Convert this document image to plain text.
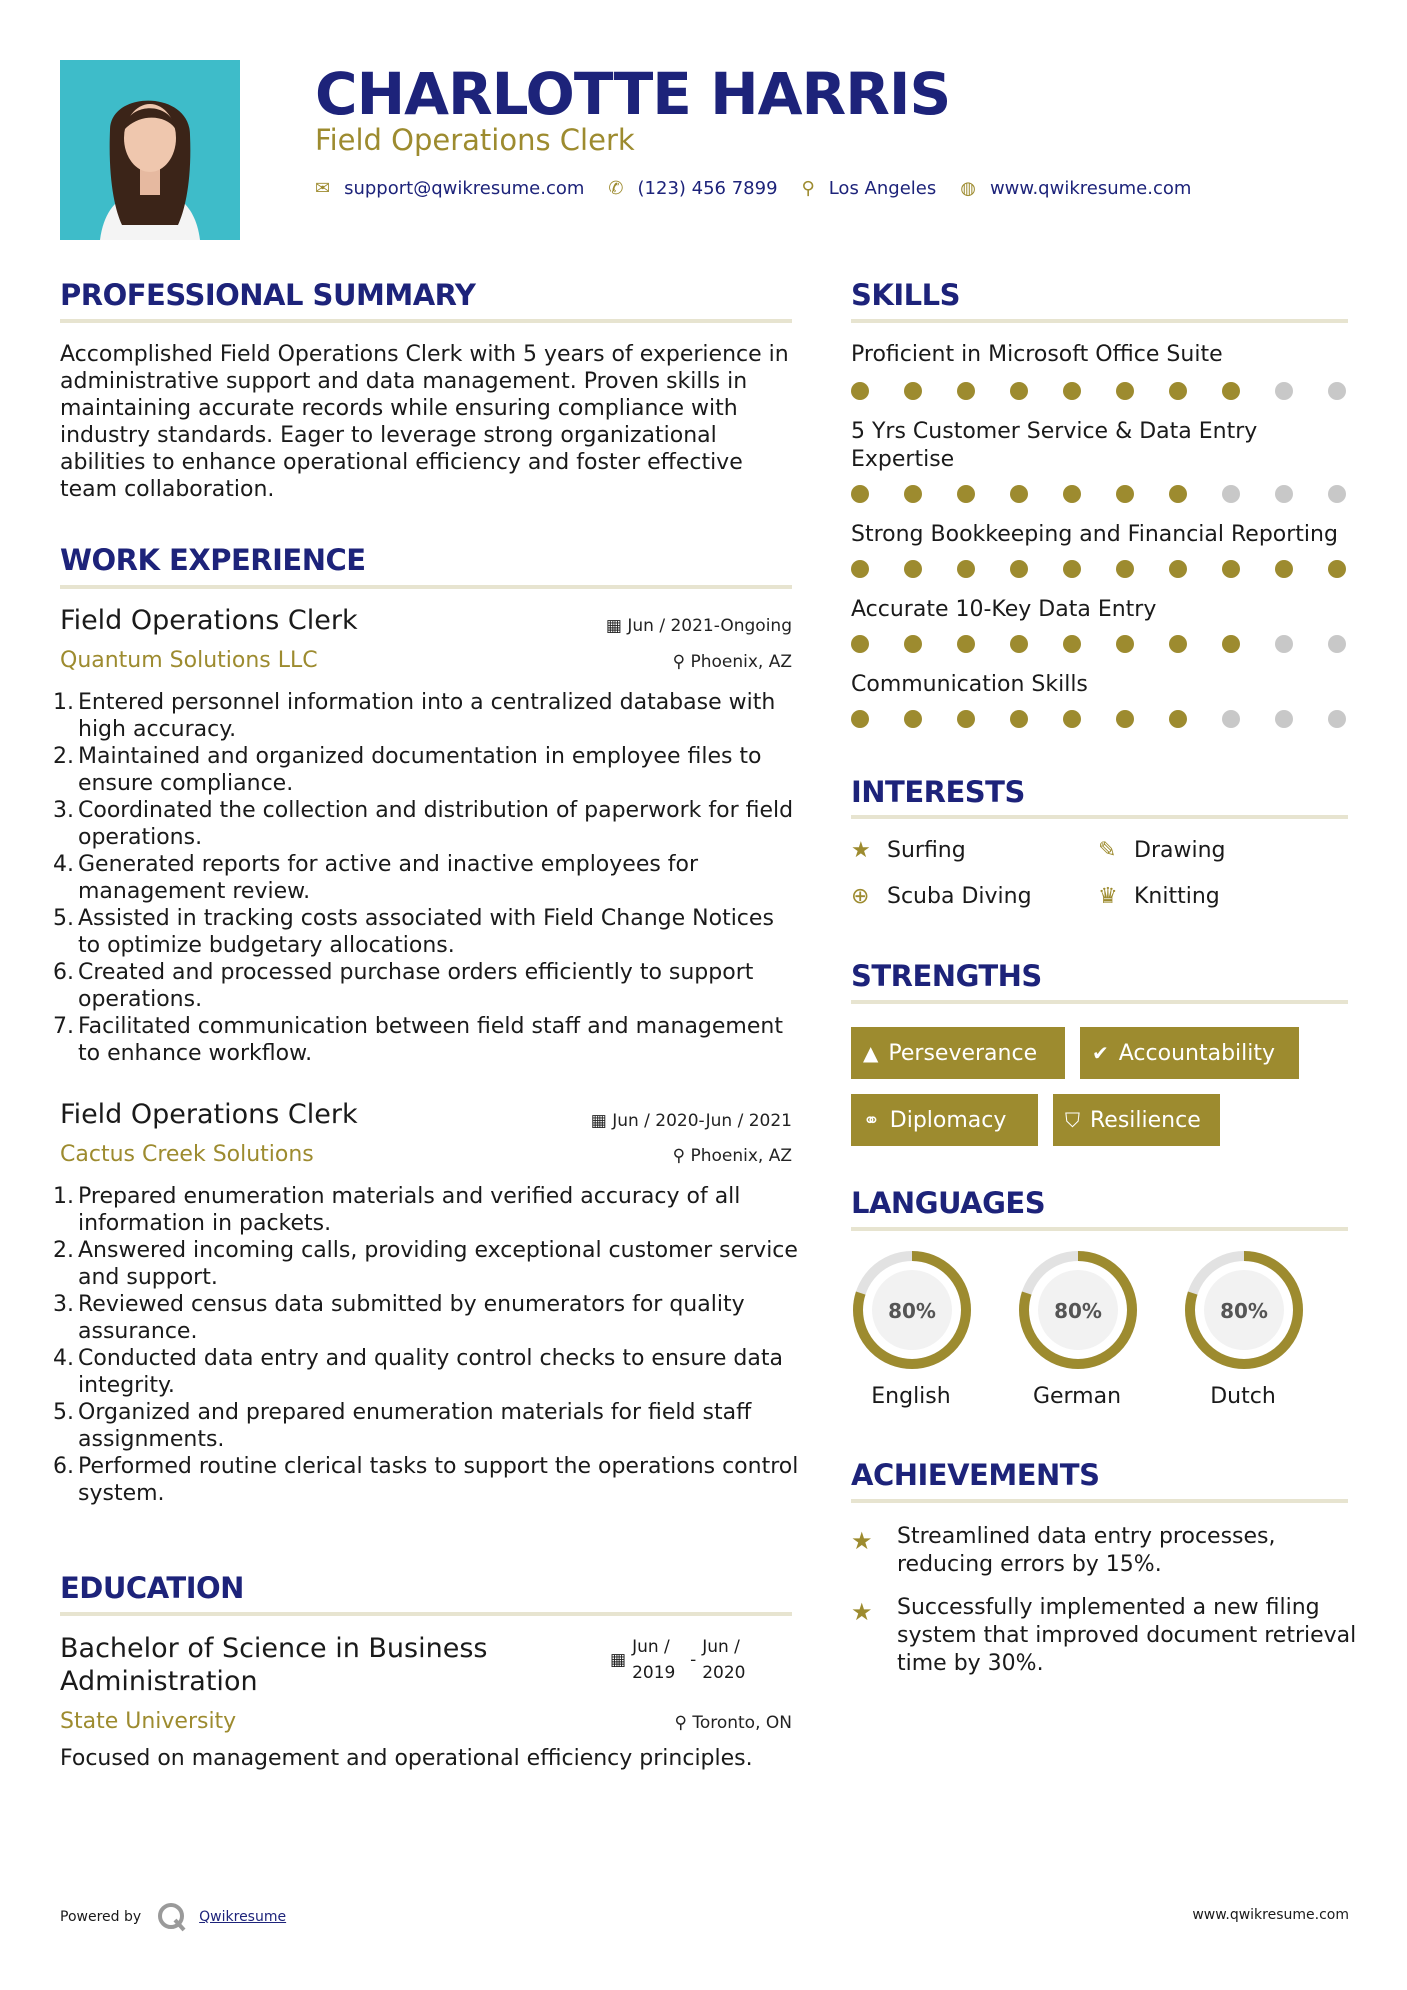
CHARLOTTE HARRIS
Field Operations Clerk
✉ support@qwikresume.com ✆ (123) 456 7899 ⚲ Los Angeles ◍ www.qwikresume.com
PROFESSIONAL SUMMARY
Accomplished Field Operations Clerk with 5 years of experience in administrative support and data management. Proven skills in maintaining accurate records while ensuring compliance with industry standards. Eager to leverage strong organizational abilities to enhance operational efficiency and foster effective team collaboration.
WORK EXPERIENCE
Field Operations Clerk	▦ Jun / 2021-Ongoing
Quantum Solutions LLC	⚲ Phoenix, AZ
1. Entered personnel information into a centralized database with high accuracy.
2. Maintained and organized documentation in employee files to ensure compliance.
3. Coordinated the collection and distribution of paperwork for field operations.
4. Generated reports for active and inactive employees for management review.
5. Assisted in tracking costs associated with Field Change Notices to optimize budgetary allocations.
6. Created and processed purchase orders efficiently to support operations.
7. Facilitated communication between field staff and management to enhance workflow.
Field Operations Clerk	▦ Jun / 2020-Jun / 2021
Cactus Creek Solutions	⚲ Phoenix, AZ
1. Prepared enumeration materials and verified accuracy of all information in packets.
2. Answered incoming calls, providing exceptional customer service and support.
3. Reviewed census data submitted by enumerators for quality assurance.
4. Conducted data entry and quality control checks to ensure data integrity.
5. Organized and prepared enumeration materials for field staff assignments.
6. Performed routine clerical tasks to support the operations control system.
EDUCATION
Bachelor of Science in Business Administration
▦
Jun / 2019
-
Jun / 2020
State University	⚲ Toronto, ON
Focused on management and operational efficiency principles.
SKILLS
Proficient in Microsoft Office Suite
5 Yrs Customer Service & Data Entry Expertise
Strong Bookkeeping and Financial Reporting
Accurate 10-Key Data Entry
Communication Skills
INTERESTS
★ Surfing	✎ Drawing
⊕ Scuba Diving	♛ Knitting
STRENGTHS
▲ Perseverance	✔ Accountability
⚭ Diplomacy	⛉ Resilience
LANGUAGES
80%
English
80%
German
80%
Dutch
ACHIEVEMENTS
★ Streamlined data entry processes, reducing errors by 15%.
★ Successfully implemented a new filing system that improved document retrieval time by 30%.
Powered by	Qwikresume	www.qwikresume.com
